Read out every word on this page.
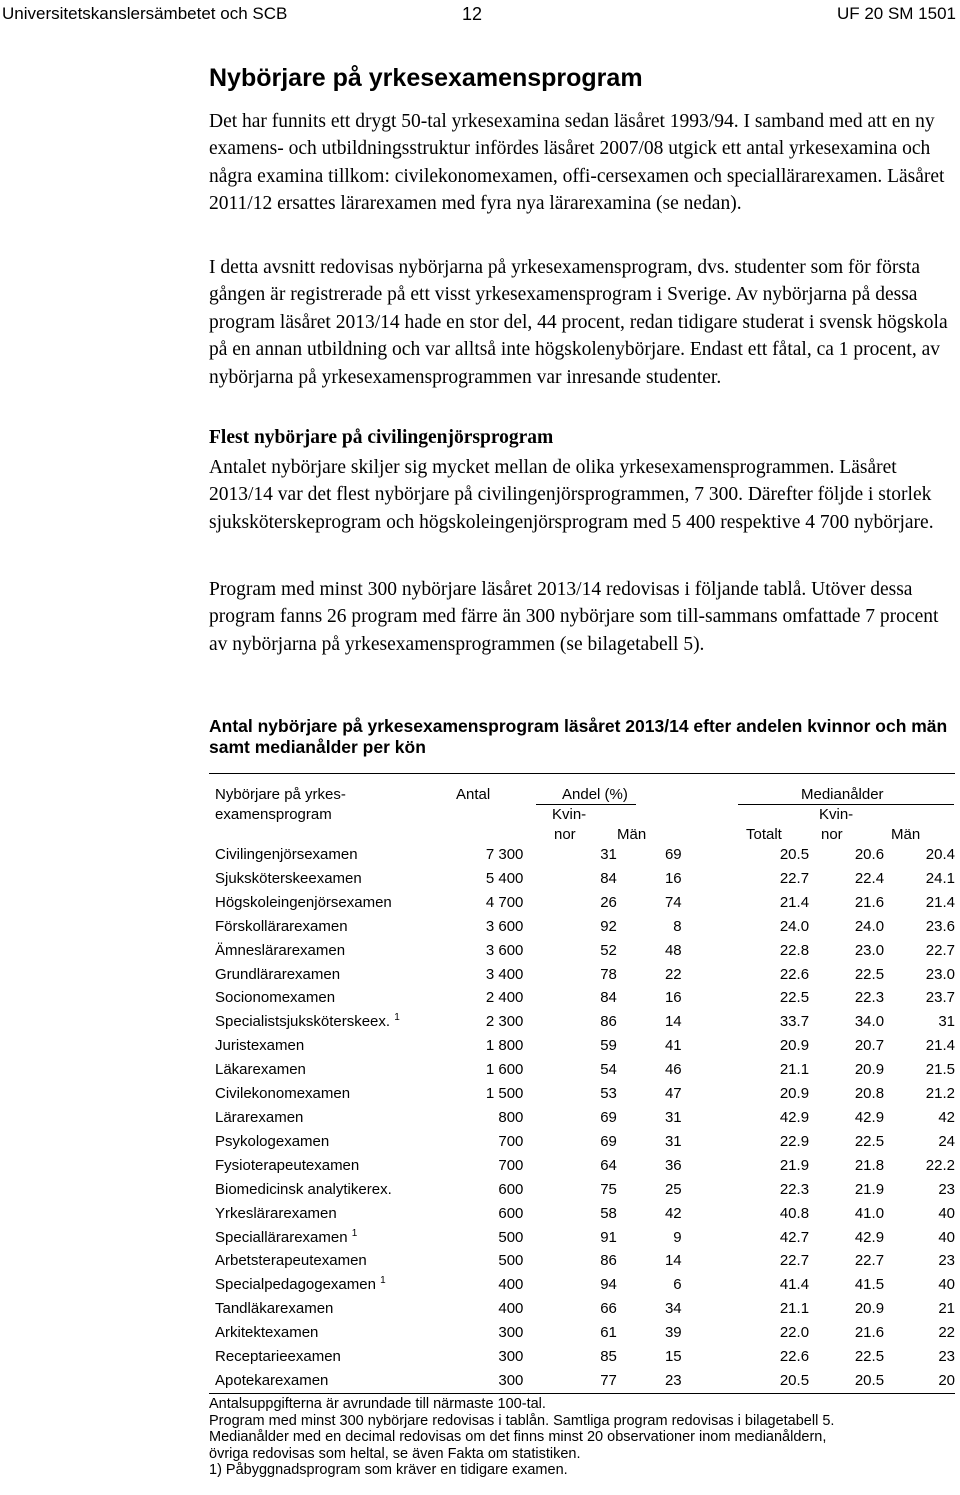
Universitetskanslersämbetet och SCB	12	UF 20 SM 1501
Nybörjare på yrkesexamensprogram

Det har funnits ett drygt 50-tal yrkesexamina sedan läsåret 1993/94. I samband med att en ny examens- och utbildningsstruktur infördes läsåret 2007/08 utgick ett antal yrkesexamina och några examina tillkom: civilekonomexamen, offi-cersexamen och speciallärarexamen. Läsåret 2011/12 ersattes lärarexamen med fyra nya lärarexamina (se nedan).

I detta avsnitt redovisas nybörjarna på yrkesexamensprogram, dvs. studenter som för första gången är registrerade på ett visst yrkesexamensprogram i Sverige. Av nybörjarna på dessa program läsåret 2013/14 hade en stor del, 44 procent, redan tidigare studerat i svensk högskola på en annan utbildning och var alltså inte högskolenybörjare. Endast ett fåtal, ca 1 procent, av nybörjarna på yrkesexamensprogrammen var inresande studenter.

Flest nybörjare på civilingenjörsprogram

Antalet nybörjare skiljer sig mycket mellan de olika yrkesexamensprogrammen. Läsåret 2013/14 var det flest nybörjare på civilingenjörsprogrammen, 7 300. Därefter följde i storlek sjuksköterskeprogram och högskoleingenjörsprogram med 5 400 respektive 4 700 nybörjare.

Program med minst 300 nybörjare läsåret 2013/14 redovisas i följande tablå. Utöver dessa program fanns 26 program med färre än 300 nybörjare som till-sammans omfattade 7 procent av nybörjarna på yrkesexamensprogrammen (se bilagetabell 5).

Antal nybörjare på yrkesexamensprogram läsåret 2013/14 efter andelen kvinnor och män samt medianålder per kön

Nybörjare på yrkes-
examensprogram
Antal	Andel (%)	Medianålder
Kvin-
nor	Män	Totalt
Kvin-
nor	Män
Civilingenjörsexamen	7 300	31	69	20.5	20.6	20.4
Sjuksköterskeexamen	5 400	84	16	22.7	22.4	24.1
Högskoleingenjörsexamen	4 700	26	74	21.4	21.6	21.4
Förskollärarexamen	3 600	92	8	24.0	24.0	23.6
Ämneslärarexamen	3 600	52	48	22.8	23.0	22.7
Grundlärarexamen	3 400	78	22	22.6	22.5	23.0
Socionomexamen	2 400	84	16	22.5	22.3	23.7
Specialistsjuksköterskeex. $^1$	2 300	86	14	33.7	34.0	31
Juristexamen	1 800	59	41	20.9	20.7	21.4
Läkarexamen	1 600	54	46	21.1	20.9	21.5
Civilekonomexamen	1 500	53	47	20.9	20.8	21.2
Lärarexamen	800	69	31	42.9	42.9	42
Psykologexamen	700	69	31	22.9	22.5	24
Fysioterapeutexamen	700	64	36	21.9	21.8	22.2
Biomedicinsk analytikerex.	600	75	25	22.3	21.9	23
Yrkeslärarexamen	600	58	42	40.8	41.0	40
Speciallärarexamen $^1$	500	91	9	42.7	42.9	40
Arbetsterapeutexamen	500	86	14	22.7	22.7	23
Specialpedagogexamen $^1$	400	94	6	41.4	41.5	40
Tandläkarexamen	400	66	34	21.1	20.9	21
Arkitektexamen	300	61	39	22.0	21.6	22
Receptarieexamen	300	85	15	22.6	22.5	23
Apotekarexamen	300	77	23	20.5	20.5	20
Antalsuppgifterna är avrundade till närmaste 100-tal.
Program med minst 300 nybörjare redovisas i tablån. Samtliga program redovisas i bilagetabell 5.
Medianålder med en decimal redovisas om det finns minst 20 observationer inom medianåldern,
övriga redovisas som heltal, se även Fakta om statistiken.
1) Påbyggnadsprogram som kräver en tidigare examen.
